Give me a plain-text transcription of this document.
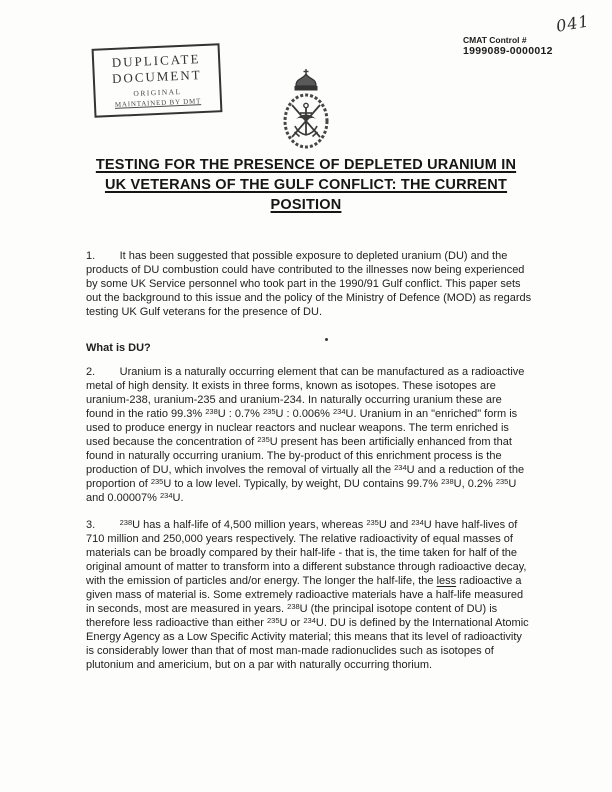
041
DUPLICATE
DOCUMENT
ORIGINAL
MAINTAINED BY DMT
CMAT Control #
1999089-0000012
TESTING FOR THE PRESENCE OF DEPLETED URANIUM IN
UK VETERANS OF THE GULF CONFLICT: THE CURRENT
POSITION

1.        It has been suggested that possible exposure to depleted uranium (DU) and the products of DU combustion could have contributed to the illnesses now being experienced by some UK Service personnel who took part in the 1990/91 Gulf conflict. This paper sets out the background to this issue and the policy of the Ministry of Defence (MOD) as regards testing UK Gulf veterans for the presence of DU.

What is DU?

2.        Uranium is a naturally occurring element that can be manufactured as a radioactive metal of high density. It exists in three forms, known as isotopes. These isotopes are uranium-238, uranium-235 and uranium-234. In naturally occurring uranium these are found in the ratio 99.3% $^{238}$U : 0.7% $^{235}$U : 0.006% $^{234}$U. Uranium in an "enriched" form is used to produce energy in nuclear reactors and nuclear weapons. The term enriched is used because the concentration of $^{235}$U present has been artificially enhanced from that found in naturally occurring uranium. The by-product of this enrichment process is the production of DU, which involves the removal of virtually all the $^{234}$U and a reduction of the proportion of $^{235}$U to a low level. Typically, by weight, DU contains 99.7% $^{238}$U, 0.2% $^{235}$U and 0.00007% $^{234}$U.

3.        $^{238}$U has a half-life of 4,500 million years, whereas $^{235}$U and $^{234}$U have half-lives of 710 million and 250,000 years respectively. The relative radioactivity of equal masses of materials can be broadly compared by their half-life - that is, the time taken for half of the original amount of matter to transform into a different substance through radioactive decay, with the emission of particles and/or energy. The longer the half-life, the less radioactive a given mass of material is. Some extremely radioactive materials have a half-life measured in seconds, most are measured in years. $^{238}$U (the principal isotope content of DU) is therefore less radioactive than either $^{235}$U or $^{234}$U. DU is defined by the International Atomic Energy Agency as a Low Specific Activity material; this means that its level of radioactivity is considerably lower than that of most man-made radionuclides such as isotopes of plutonium and americium, but on a par with naturally occurring thorium.
